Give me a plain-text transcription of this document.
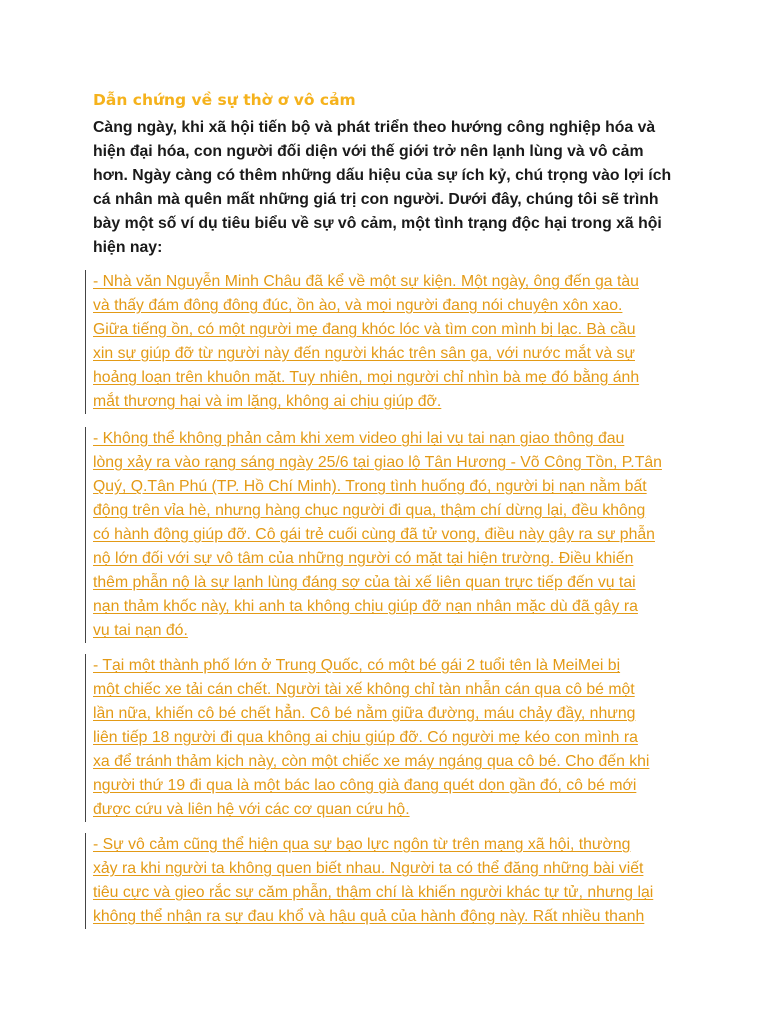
Dẫn chứng về sự thờ ơ vô cảm

Càng ngày, khi xã hội tiến bộ và phát triển theo hướng công nghiệp hóa và
hiện đại hóa, con người đối diện với thế giới trở nên lạnh lùng và vô cảm
hơn. Ngày càng có thêm những dấu hiệu của sự ích kỷ, chú trọng vào lợi ích
cá nhân mà quên mất những giá trị con người. Dưới đây, chúng tôi sẽ trình
bày một số ví dụ tiêu biểu về sự vô cảm, một tình trạng độc hại trong xã hội
hiện nay:

- Nhà văn Nguyễn Minh Châu đã kể về một sự kiện. Một ngày, ông đến ga tàu
và thấy đám đông đông đúc, ồn ào, và mọi người đang nói chuyện xôn xao.
Giữa tiếng ồn, có một người mẹ đang khóc lóc và tìm con mình bị lạc. Bà cầu
xin sự giúp đỡ từ người này đến người khác trên sân ga, với nước mắt và sự
hoảng loạn trên khuôn mặt. Tuy nhiên, mọi người chỉ nhìn bà mẹ đó bằng ánh
mắt thương hại và im lặng, không ai chịu giúp đỡ.

- Không thể không phản cảm khi xem video ghi lại vụ tai nạn giao thông đau
lòng xảy ra vào rạng sáng ngày 25/6 tại giao lộ Tân Hương - Võ Công Tồn, P.Tân
Quý, Q.Tân Phú (TP. Hồ Chí Minh). Trong tình huống đó, người bị nạn nằm bất
động trên vỉa hè, nhưng hàng chục người đi qua, thậm chí dừng lại, đều không
có hành động giúp đỡ. Cô gái trẻ cuối cùng đã tử vong, điều này gây ra sự phẫn
nộ lớn đối với sự vô tâm của những người có mặt tại hiện trường. Điều khiến
thêm phẫn nộ là sự lạnh lùng đáng sợ của tài xế liên quan trực tiếp đến vụ tai
nạn thảm khốc này, khi anh ta không chịu giúp đỡ nạn nhân mặc dù đã gây ra
vụ tai nạn đó.

- Tại một thành phố lớn ở Trung Quốc, có một bé gái 2 tuổi tên là MeiMei bị
một chiếc xe tải cán chết. Người tài xế không chỉ tàn nhẫn cán qua cô bé một
lần nữa, khiến cô bé chết hẳn. Cô bé nằm giữa đường, máu chảy đầy, nhưng
liên tiếp 18 người đi qua không ai chịu giúp đỡ. Có người mẹ kéo con mình ra
xa để tránh thảm kịch này, còn một chiếc xe máy ngáng qua cô bé. Cho đến khi
người thứ 19 đi qua là một bác lao công già đang quét dọn gần đó, cô bé mới
được cứu và liên hệ với các cơ quan cứu hộ.

- Sự vô cảm cũng thể hiện qua sự bạo lực ngôn từ trên mạng xã hội, thường
xảy ra khi người ta không quen biết nhau. Người ta có thể đăng những bài viết
tiêu cực và gieo rắc sự căm phẫn, thậm chí là khiến người khác tự tử, nhưng lại
không thể nhận ra sự đau khổ và hậu quả của hành động này. Rất nhiều thanh
